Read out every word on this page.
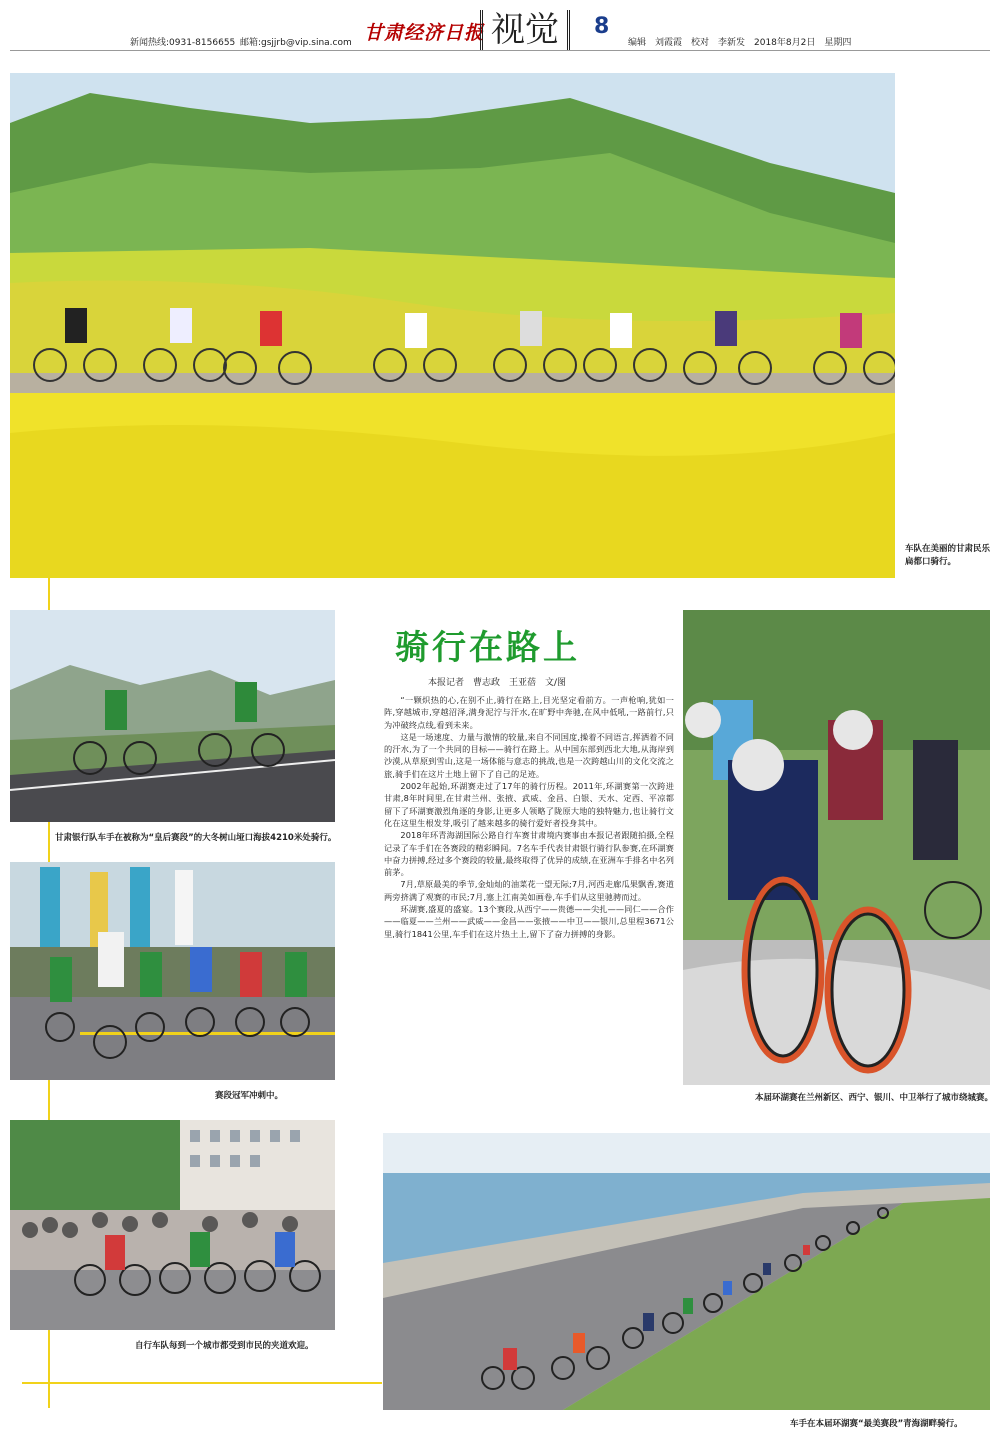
新闻热线:0931-8156655 邮箱:gsjjrb@vip.sina.com 甘肃经济日报 视觉	8
编辑　刘霞霞　校对　李新发　2018年8月2日　星期四
车队在美丽的甘肃民乐扁都口骑行。
甘肃银行队车手在被称为“皇后赛段”的大冬树山垭口海拔4210米处骑行。
赛段冠军冲刺中。
自行车队每到一个城市都受到市民的夹道欢迎。
骑行在路上
本报记者　曹志政　王亚蓓　文/图

“一颗炽热的心,在别不止,骑行在路上,目光坚定看前方。一声枪响,犹如一阵,穿越城市,穿越沼泽,满身泥泞与汗水,在旷野中奔驰,在风中低吼,一路前行,只为冲破终点线,看到未来。

这是一场速度、力量与激情的较量,来自不同国度,操着不同语言,挥洒着不同的汗水,为了一个共同的目标——骑行在路上。从中国东部到西北大地,从海岸到沙漠,从草原到雪山,这是一场体能与意志的挑战,也是一次跨越山川的文化交流之旅,骑手们在这片土地上留下了自己的足迹。

2002年起始,环湖赛走过了17年的骑行历程。2011年,环湖赛第一次跨进甘肃,8年时间里,在甘肃兰州、张掖、武威、金昌、白银、天水、定西、平凉都留下了环湖赛激烈角逐的身影,让更多人领略了陇原大地的独特魅力,也让骑行文化在这里生根发芽,吸引了越来越多的骑行爱好者投身其中。

2018年环青海湖国际公路自行车赛甘肃境内赛事由本报记者跟随拍摄,全程记录了车手们在各赛段的精彩瞬间。7名车手代表甘肃银行骑行队参赛,在环湖赛中奋力拼搏,经过多个赛段的较量,最终取得了优异的成绩,在亚洲车手排名中名列前茅。

7月,草原最美的季节,金灿灿的油菜花一望无际;7月,河西走廊瓜果飘香,赛道两旁挤满了观赛的市民;7月,塞上江南美如画卷,车手们从这里驰骋而过。

环湖赛,盛夏的盛宴。13个赛段,从西宁——贵德——尖扎——同仁——合作——临夏——兰州——武威——金昌——张掖——中卫——银川,总里程3671公里,骑行1841公里,车手们在这片热土上,留下了奋力拼搏的身影。

本届环湖赛在兰州新区、西宁、银川、中卫举行了城市绕城赛。
车手在本届环湖赛“最美赛段”青海湖畔骑行。
